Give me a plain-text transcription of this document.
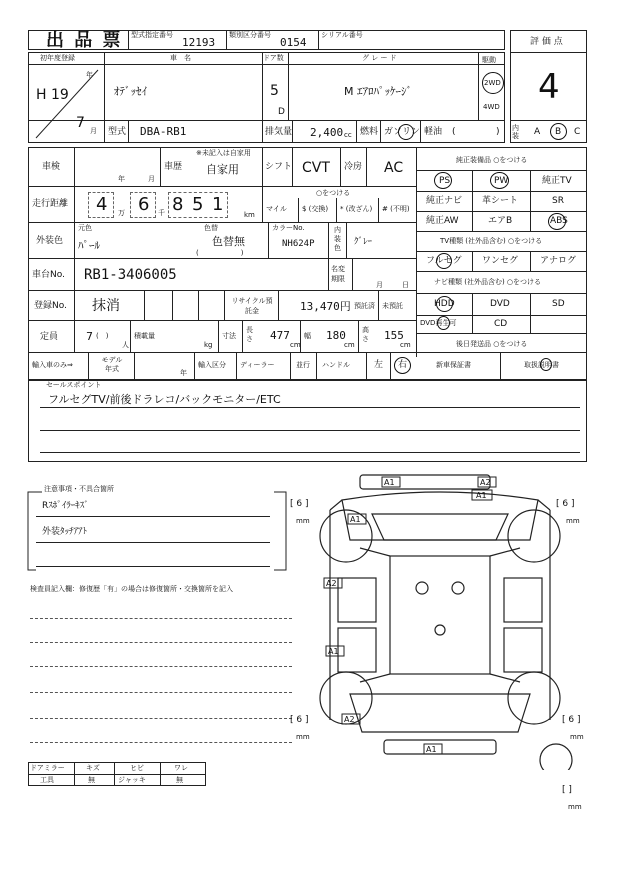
出 品 票 型式指定番号
12193
類別区分番号
0154
シリアル番号
評 価 点
4
初年度登録	車　名	ドア数	グ レ ー ド	駆動
年
H 19
7 月
ｵﾃﾞｯｾｲ	5
D
M ｴｱﾛﾊﾟｯｹｰｼﾞ
2WD
4WD
型式 DBA-RB1	排気量 2,400 cc 燃料 ガソリン 軽油 (	) 内装	A B C
車検
年	月
車歴
※未記入は自家用
自家用	シフト CVT 冷房 AC
走行距離 4 万 6 千 8 5 1	km
○をつける
マイル $ (交換) * (改ざん) # (不明)
外装色
元色
ﾊﾟｰﾙ
色替
色替無
(　　　　　　)
カラーNo.
NH624P
内装色
ｸﾞﾚｰ
車台No. RB1-3406005	名変期限
月	日
登録No. 抹消	リサイクル預託金	13,470円 預託済 未預託
定員	7 (　)
人
積載量
kg
寸法
長さ 477
cm
幅 180
cm
高さ 155
cm
輸入車のみ⇒
モデル年式	年
輸入区分 ディーラー	並行 ハンドル	左 右
純正装備品 ○をつける
PS	PW	純正TV
純正ナビ 革シート	SR
純正AW	エアB	ABS
TV種類 (社外品含む) ○をつける
フルセグ ワンセグ アナログ
ナビ種類 (社外品含む) ○をつける
HDD	DVD	SD
DVD再生可	CD
後日発送品 ○をつける
新車保証書	取扱説明書
セールスポイント
フルセグTV/前後ドラレコ/バックモニター/ETC
注意事項・不具合箇所
Rｽﾎﾟｲﾗｰｷｽﾞ
外装ﾀｯﾁｱｱﾄ
検査員記入欄：修復歴「有」の場合は修復箇所・交換箇所を記入
ドアミラー	キズ	ヒビ	ワレ
工具	無	ジャッキ	無
A1	A2
A1
A1
A2
A1
A2
A1
[ 6 ]
mm
[ 6 ]
mm
[ 6 ]
mm
[ 6 ]
mm
[ ]
mm
